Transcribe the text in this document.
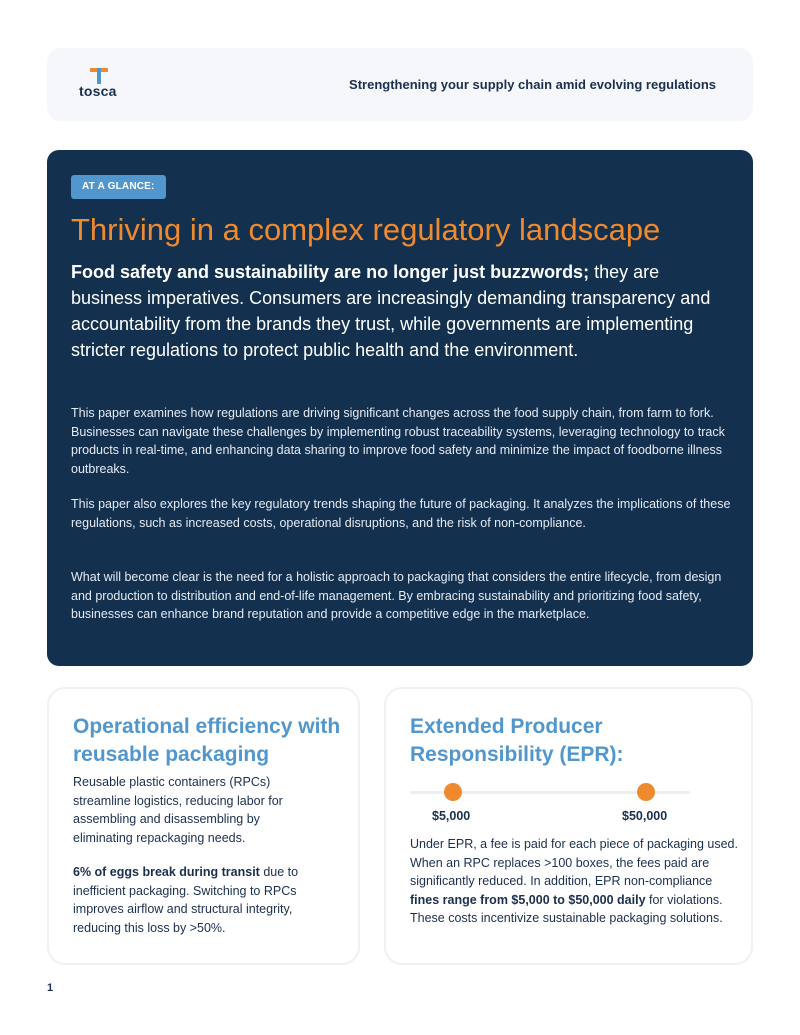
tosca	Strengthening your supply chain amid evolving regulations
AT A GLANCE:
Thriving in a complex regulatory landscape

Food safety and sustainability are no longer just buzzwords; they are business imperatives. Consumers are increasingly demanding transparency and accountability from the brands they trust, while governments are implementing stricter regulations to protect public health and the environment.

This paper examines how regulations are driving significant changes across the food supply chain, from farm to fork. Businesses can navigate these challenges by implementing robust traceability systems, leveraging technology to track products in real-time, and enhancing data sharing to improve food safety and minimize the impact of foodborne illness outbreaks.

This paper also explores the key regulatory trends shaping the future of packaging. It analyzes the implications of these regulations, such as increased costs, operational disruptions, and the risk of non-compliance.

What will become clear is the need for a holistic approach to packaging that considers the entire lifecycle, from design and production to distribution and end-of-life management. By embracing sustainability and prioritizing food safety, businesses can enhance brand reputation and provide a competitive edge in the marketplace.

Operational efficiency with reusable packaging

Reusable plastic containers (RPCs) streamline logistics, reducing labor for assembling and disassembling by eliminating repackaging needs.

6% of eggs break during transit due to inefficient packaging. Switching to RPCs improves airflow and structural integrity, reducing this loss by >50%.

Extended Producer Responsibility (EPR):
$5,000	$50,000

Under EPR, a fee is paid for each piece of packaging used. When an RPC replaces >100 boxes, the fees paid are significantly reduced. In addition, EPR non-compliance fines range from $5,000 to $50,000 daily for violations. These costs incentivize sustainable packaging solutions.

1
